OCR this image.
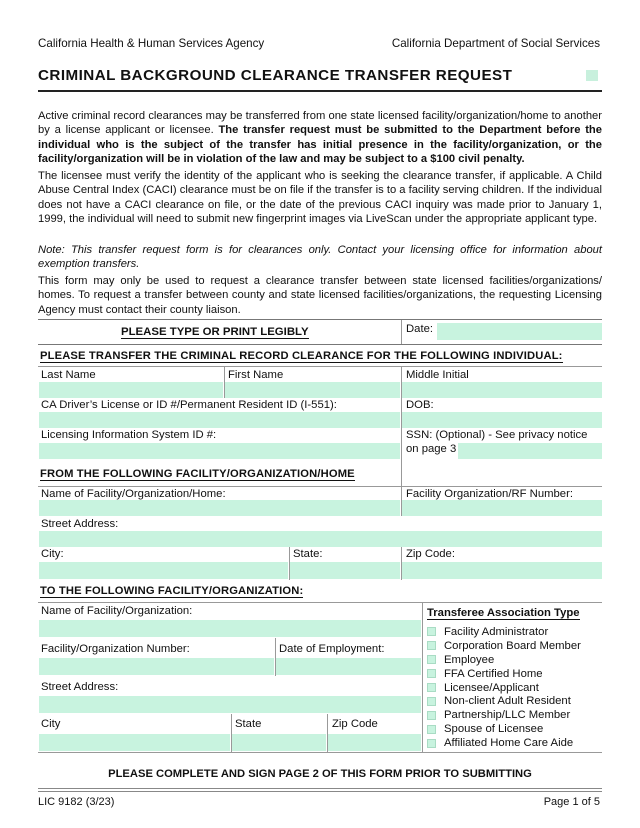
California Health & Human Services Agency	California Department of Social Services
CRIMINAL BACKGROUND CLEARANCE TRANSFER REQUEST
Active criminal record clearances may be transferred from one state licensed facility/organization/home to another by a license applicant or licensee. The transfer request must be submitted to the Department before the individual who is the subject of the transfer has initial presence in the facility/organization, or the facility/organization will be in violation of the law and may be subject to a $100 civil penalty.
The licensee must verify the identity of the applicant who is seeking the clearance transfer, if applicable. A Child Abuse Central Index (CACI) clearance must be on file if the transfer is to a facility serving children. If the individual does not have a CACI clearance on file, or the date of the previous CACI inquiry was made prior to January 1, 1999, the individual will need to submit new fingerprint images via LiveScan under the appropriate applicant type.
Note: This transfer request form is for clearances only. Contact your licensing office for information about exemption transfers.
This form may only be used to request a clearance transfer between state licensed facilities/organizations/ homes. To request a transfer between county and state licensed facilities/organizations, the requesting Licensing Agency must contact their county liaison.
PLEASE TYPE OR PRINT LEGIBLY	Date:
PLEASE TRANSFER THE CRIMINAL RECORD CLEARANCE FOR THE FOLLOWING INDIVIDUAL:
Last Name	First Name	Middle Initial
CA Driver’s License or ID #/Permanent Resident ID (I-551):	DOB:
Licensing Information System ID #:	SSN: (Optional) - See privacy notice
on page 3
FROM THE FOLLOWING FACILITY/ORGANIZATION/HOME
Name of Facility/Organization/Home:	Facility Organization/RF Number:
Street Address:
City:	State:	Zip Code:
TO THE FOLLOWING FACILITY/ORGANIZATION:
Name of Facility/Organization:
Facility/Organization Number:	Date of Employment:
Street Address:
City	State	Zip Code
Transferee Association Type
Facility Administrator
Corporation Board Member
Employee
FFA Certified Home
Licensee/Applicant
Non-client Adult Resident
Partnership/LLC Member
Spouse of Licensee
Affiliated Home Care Aide
PLEASE COMPLETE AND SIGN PAGE 2 OF THIS FORM PRIOR TO SUBMITTING
LIC 9182 (3/23)	Page 1 of 5
